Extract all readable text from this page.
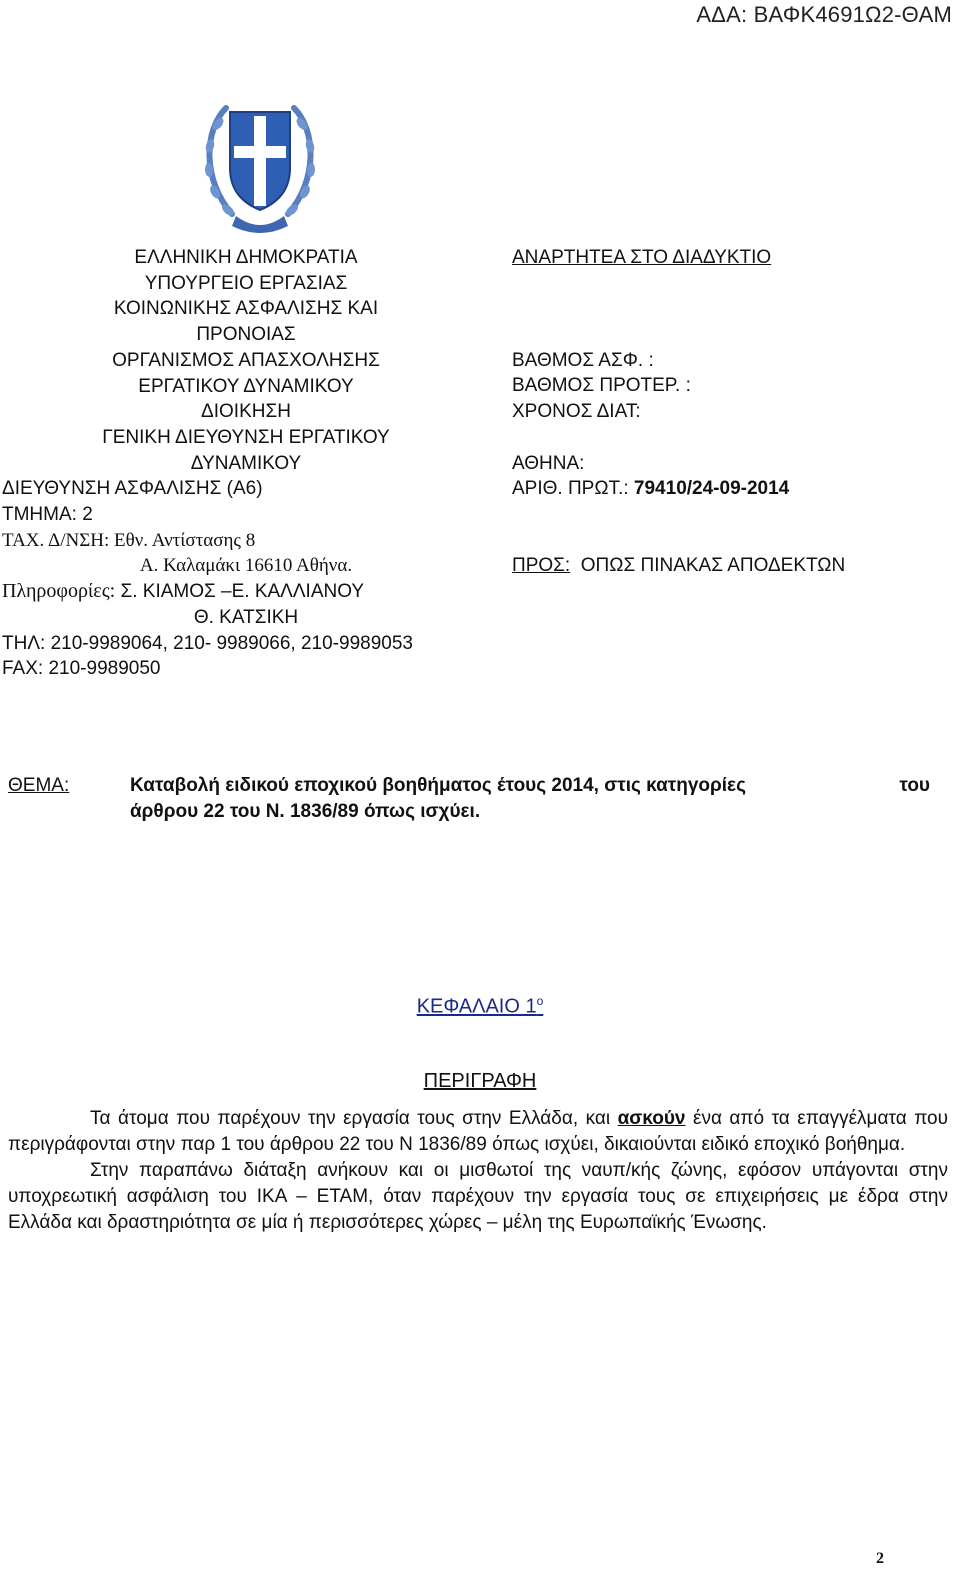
ΑΔΑ: ΒΑΦΚ4691Ω2-ΘΑΜ
ΕΛΛΗΝΙΚΗ ΔΗΜΟΚΡΑΤΙΑ
ΥΠΟΥΡΓΕΙΟ ΕΡΓΑΣΙΑΣ
ΚΟΙΝΩΝΙΚΗΣ ΑΣΦΑΛΙΣΗΣ ΚΑΙ
ΠΡΟΝΟΙΑΣ
ΟΡΓΑΝΙΣΜΟΣ ΑΠΑΣΧΟΛΗΣΗΣ
ΕΡΓΑΤΙΚΟΥ ΔΥΝΑΜΙΚΟΥ
ΔΙΟΙΚΗΣΗ
ΓΕΝΙΚΗ ΔΙΕΥΘΥΝΣΗ ΕΡΓΑΤΙΚΟΥ
ΔΥΝΑΜΙΚΟΥ
ΔΙΕΥΘΥΝΣΗ ΑΣΦΑΛΙΣΗΣ (Α6)
ΤΜΗΜΑ: 2
ΤΑΧ. Δ/ΝΣΗ: Εθν. Αντίστασης 8
Α. Καλαμάκι 16610 Αθήνα.
Πληροφορίες: Σ. ΚΙΑΜΟΣ –Ε. ΚΑΛΛΙΑΝΟΥ
Θ. ΚΑΤΣΙΚΗ
ΤΗΛ: 210-9989064, 210- 9989066, 210-9989053
FAX: 210-9989050
ΑΝΑΡΤΗΤΕΑ ΣΤΟ ΔΙΑΔΥΚΤΙΟ
ΒΑΘΜΟΣ ΑΣΦ. :
ΒΑΘΜΟΣ ΠΡΟΤΕΡ. :
ΧΡΟΝΟΣ ΔΙΑΤ:
ΑΘΗΝΑ:
ΑΡΙΘ. ΠΡΩΤ.: 79410/24-09-2014
ΠΡΟΣ: ΟΠΩΣ ΠΙΝΑΚΑΣ ΑΠΟΔΕΚΤΩΝ
ΘΕΜΑ:	Καταβολή ειδικού εποχικού βοηθήματος έτους 2014, στις κατηγορίες	του
άρθρου 22 του Ν. 1836/89 όπως ισχύει.
ΚΕΦΑΛΑΙΟ $1^o$
ΠΕΡΙΓΡΑΦΗ

Τα άτομα που παρέχουν την εργασία τους στην Ελλάδα, και ασκούν ένα από τα επαγγέλματα που περιγράφονται στην παρ 1 του άρθρου 22 του Ν 1836/89 όπως ισχύει, δικαιούνται ειδικό εποχικό βοήθημα.

Στην παραπάνω διάταξη ανήκουν και οι μισθωτοί της ναυπ/κής ζώνης, εφόσον υπάγονται στην υποχρεωτική ασφάλιση του ΙΚΑ – ΕΤΑΜ, όταν παρέχουν την εργασία τους σε επιχειρήσεις με έδρα στην Ελλάδα και δραστηριότητα σε μία ή περισσότερες χώρες – μέλη της Ευρωπαϊκής Ένωσης.

2
